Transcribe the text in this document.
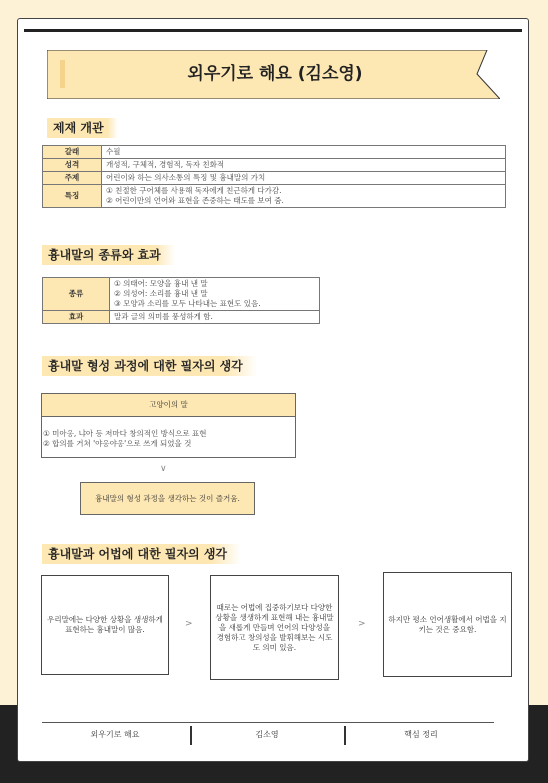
외우기로 해요 (김소영)
제재 개관
갈래	수필
성격	개성적, 구체적, 경험적, 독자 친화적
주제	어린이와 하는 의사소통의 특징 및 흉내말의 가치
특징	① 친절한 구어체를 사용해 독자에게 친근하게 다가감.
② 어린이만의 언어와 표현을 존중하는 태도를 보여 줌.
흉내말의 종류와 효과
종류	① 의태어: 모양을 흉내 낸 말
② 의성어: 소리를 흉내 낸 말
③ 모양과 소리를 모두 나타내는 표현도 있음.

효과	말과 글의 의미를 풍성하게 함.
흉내말 형성 과정에 대한 필자의 생각
고양이의 말
① 미아옹, 냐아 등 저마다 창의적인 방식으로 표현
② 합의를 거쳐 '야옹야옹'으로 쓰게 되었을 것
∨
흉내말의 형성 과정을 생각하는 것이 즐거움.
흉내말과 어법에 대한 필자의 생각
우리말에는 다양한 상황을 생생하게 표현하는 흉내말이 많음.
>
때로는 어법에 집중하기보다 다양한 상황을 생생하게 표현해 내는 흉내말을 새롭게 만들며 언어의 다양성을 경험하고 창의성을 발휘해보는 시도도 의미 있음.
>	하지만 평소 언어생활에서 어법을 지키는 것은 중요함.
외우기로 해요	김소영	핵심 정리
